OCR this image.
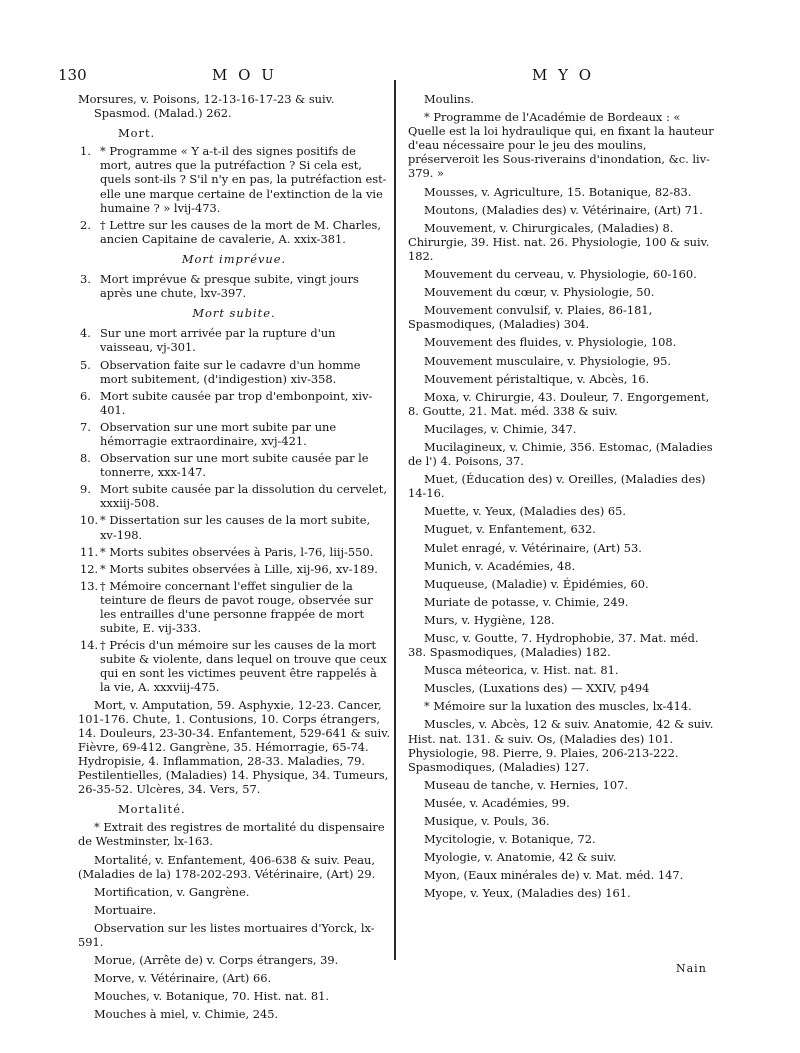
130	M O U	M Y O
Morsures, v. Poisons, 12-13-16-17-23 & suiv. Spasmod. (Malad.) 262.
Mort.
1. * Programme « Y a-t-il des signes positifs de mort, autres que la putréfaction ? Si cela est, quels sont-ils ? S'il n'y en pas, la putréfaction est-elle une marque certaine de l'extinction de la vie humaine ? » lvij-473.
2. † Lettre sur les causes de la mort de M. Charles, ancien Capitaine de cavalerie, A. xxix-381.
Mort imprévue.
3. Mort imprévue & presque subite, vingt jours après une chute, lxv-397.
Mort subite.
4. Sur une mort arrivée par la rupture d'un vaisseau, vj-301.
5. Observation faite sur le cadavre d'un homme mort subitement, (d'indigestion) xiv-358.
6. Mort subite causée par trop d'embonpoint, xiv-401.
7. Observation sur une mort subite par une hémorragie extraordinaire, xvj-421.
8. Observation sur une mort subite causée par le tonnerre, xxx-147.
9. Mort subite causée par la dissolution du cervelet, xxxiij-508.
10. * Dissertation sur les causes de la mort subite, xv-198.
11. * Morts subites observées à Paris, l-76, liij-550.
12. * Morts subites observées à Lille, xij-96, xv-189.
13. † Mémoire concernant l'effet singulier de la teinture de fleurs de pavot rouge, observée sur les entrailles d'une personne frappée de mort subite, E. vij-333.
14. † Précis d'un mémoire sur les causes de la mort subite & violente, dans lequel on trouve que ceux qui en sont les victimes peuvent être rappelés à la vie, A. xxxviij-475.
Mort, v. Amputation, 59. Asphyxie, 12-23. Cancer, 101-176. Chute, 1. Contusions, 10. Corps étrangers, 14. Douleurs, 23-30-34. Enfantement, 529-641 & suiv. Fièvre, 69-412. Gangrène, 35. Hémorragie, 65-74. Hydropisie, 4. Inflammation, 28-33. Maladies, 79. Pestilentielles, (Maladies) 14. Physique, 34. Tumeurs, 26-35-52. Ulcères, 34. Vers, 57.
Mortalité.
* Extrait des registres de mortalité du dispensaire de Westminster, lx-163.
Mortalité, v. Enfantement, 406-638 & suiv. Peau, (Maladies de la) 178-202-293. Vétérinaire, (Art) 29.
Mortification, v. Gangrène.
Mortuaire.
Observation sur les listes mortuaires d'Yorck, lx-591.
Morue, (Arrête de) v. Corps étrangers, 39.
Morve, v. Vétérinaire, (Art) 66.
Mouches, v. Botanique, 70. Hist. nat. 81.
Mouches à miel, v. Chimie, 245.
Moulins.
* Programme de l'Académie de Bordeaux : « Quelle est la loi hydraulique qui, en fixant la hauteur d'eau nécessaire pour le jeu des moulins, préserveroit les Sous-riverains d'inondation, &c. liv-379. »
Mousses, v. Agriculture, 15. Botanique, 82-83.
Moutons, (Maladies des) v. Vétérinaire, (Art) 71.
Mouvement, v. Chirurgicales, (Maladies) 8. Chirurgie, 39. Hist. nat. 26. Physiologie, 100 & suiv. 182.
Mouvement du cerveau, v. Physiologie, 60-160.
Mouvement du cœur, v. Physiologie, 50.
Mouvement convulsif, v. Plaies, 86-181, Spasmodiques, (Maladies) 304.
Mouvement des fluides, v. Physiologie, 108.
Mouvement musculaire, v. Physiologie, 95.
Mouvement péristaltique, v. Abcès, 16.
Moxa, v. Chirurgie, 43. Douleur, 7. Engorgement, 8. Goutte, 21. Mat. méd. 338 & suiv.
Mucilages, v. Chimie, 347.
Mucilagineux, v. Chimie, 356. Estomac, (Maladies de l') 4. Poisons, 37.
Muet, (Éducation des) v. Oreilles, (Maladies des) 14-16.
Muette, v. Yeux, (Maladies des) 65.
Muguet, v. Enfantement, 632.
Mulet enragé, v. Vétérinaire, (Art) 53.
Munich, v. Académies, 48.
Muqueuse, (Maladie) v. Épidémies, 60.
Muriate de potasse, v. Chimie, 249.
Murs, v. Hygiène, 128.
Musc, v. Goutte, 7. Hydrophobie, 37. Mat. méd. 38. Spasmodiques, (Maladies) 182.
Musca méteorica, v. Hist. nat. 81.
Muscles, (Luxations des) — XXIV, p494
* Mémoire sur la luxation des muscles, lx-414.
Muscles, v. Abcès, 12 & suiv. Anatomie, 42 & suiv. Hist. nat. 131. & suiv. Os, (Maladies des) 101. Physiologie, 98. Pierre, 9. Plaies, 206-213-222. Spasmodiques, (Maladies) 127.
Museau de tanche, v. Hernies, 107.
Musée, v. Académies, 99.
Musique, v. Pouls, 36.
Mycitologie, v. Botanique, 72.
Myologie, v. Anatomie, 42 & suiv.
Myon, (Eaux minérales de) v. Mat. méd. 147.
Myope, v. Yeux, (Maladies des) 161.
Nain
